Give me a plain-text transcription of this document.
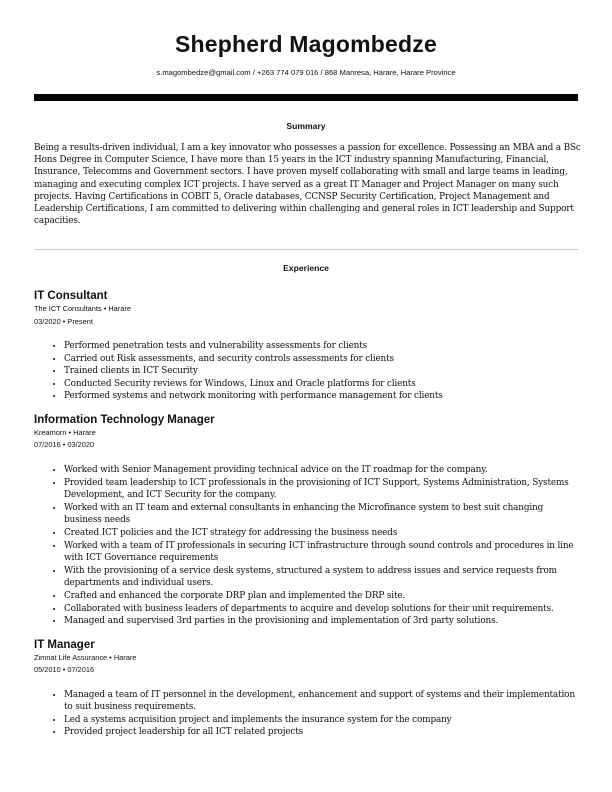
Shepherd Magombedze
s.magombedze@gmail.com / +263 774 079 016 / 868 Manresa, Harare, Harare Province
Summary

Being a results-driven individual, I am a key innovator who possesses a passion for excellence. Possessing an MBA and a BSc Hons Degree in Computer Science, I have more than 15 years in the ICT industry spanning Manufacturing, Financial, Insurance, Telecomms and Government sectors. I have proven myself collaborating with small and large teams in leading, managing and executing complex ICT projects. I have served as a great IT Manager and Project Manager on many such projects. Having Certifications in COBIT 5, Oracle databases, CCNSP Security Certification, Project Management and Leadership Certifications, I am committed to delivering within challenging and general roles in ICT leadership and Support capacities.

Experience
IT Consultant
The ICT Consultants • Harare
03/2020 • Present
• Performed penetration tests and vulnerability assessments for clients
• Carried out Risk assessments, and security controls assessments for clients
• Trained clients in ICT Security
• Conducted Security reviews for Windows, Linux and Oracle platforms for clients
• Performed systems and network monitoring with performance management for clients
Information Technology Manager
Kreamorn • Harare
07/2016 • 03/2020
• Worked with Senior Management providing technical advice on the IT roadmap for the company.
• Provided team leadership to ICT professionals in the provisioning of ICT Support, Systems Administration, Systems Development, and ICT Security for the company.
• Worked with an IT team and external consultants in enhancing the Microfinance system to best suit changing business needs
• Created ICT policies and the ICT strategy for addressing the business needs
• Worked with a team of IT professionals in securing ICT infrastructure through sound controls and procedures in line with ICT Governance requirements
• With the provisioning of a service desk systems, structured a system to address issues and service requests from departments and individual users.
• Crafted and enhanced the corporate DRP plan and implemented the DRP site.
• Collaborated with business leaders of departments to acquire and develop solutions for their unit requirements.
• Managed and supervised 3rd parties in the provisioning and implementation of 3rd party solutions.
IT Manager
Zimnat Life Assurance • Harare
05/2010 • 07/2016
• Managed a team of IT personnel in the development, enhancement and support of systems and their implementation to suit business requirements.
• Led a systems acquisition project and implements the insurance system for the company
• Provided project leadership for all ICT related projects
